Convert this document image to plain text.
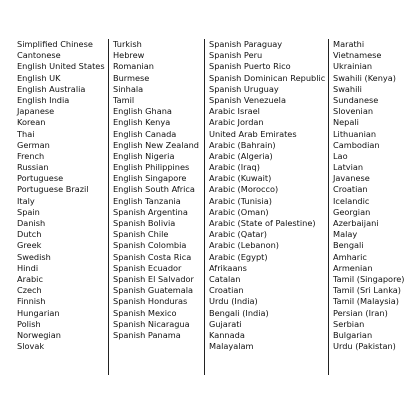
Simplified Chinese
Cantonese
English United States
English UK
English Australia
English India
Japanese
Korean
Thai
German
French
Russian
Portuguese
Portuguese Brazil
Italy
Spain
Danish
Dutch
Greek
Swedish
Hindi
Arabic
Czech
Finnish
Hungarian
Polish
Norwegian
Slovak
Turkish
Hebrew
Romanian
Burmese
Sinhala
Tamil
English Ghana
English Kenya
English Canada
English New Zealand
English Nigeria
English Philippines
English Singapore
English South Africa
English Tanzania
Spanish Argentina
Spanish Bolivia
Spanish Chile
Spanish Colombia
Spanish Costa Rica
Spanish Ecuador
Spanish El Salvador
Spanish Guatemala
Spanish Honduras
Spanish Mexico
Spanish Nicaragua
Spanish Panama
Spanish Paraguay
Spanish Peru
Spanish Puerto Rico
Spanish Dominican Republic
Spanish Uruguay
Spanish Venezuela
Arabic Israel
Arabic Jordan
United Arab Emirates
Arabic (Bahrain)
Arabic (Algeria)
Arabic (Iraq)
Arabic (Kuwait)
Arabic (Morocco)
Arabic (Tunisia)
Arabic (Oman)
Arabic (State of Palestine)
Arabic (Qatar)
Arabic (Lebanon)
Arabic (Egypt)
Afrikaans
Catalan
Croatian
Urdu (India)
Bengali (India)
Gujarati
Kannada
Malayalam
Marathi
Vietnamese
Ukrainian
Swahili (Kenya)
Swahili
Sundanese
Slovenian
Nepali
Lithuanian
Cambodian
Lao
Latvian
Javanese
Croatian
Icelandic
Georgian
Azerbaijani
Malay
Bengali
Amharic
Armenian
Tamil (Singapore)
Tamil (Sri Lanka)
Tamil (Malaysia)
Persian (Iran)
Serbian
Bulgarian
Urdu (Pakistan)
